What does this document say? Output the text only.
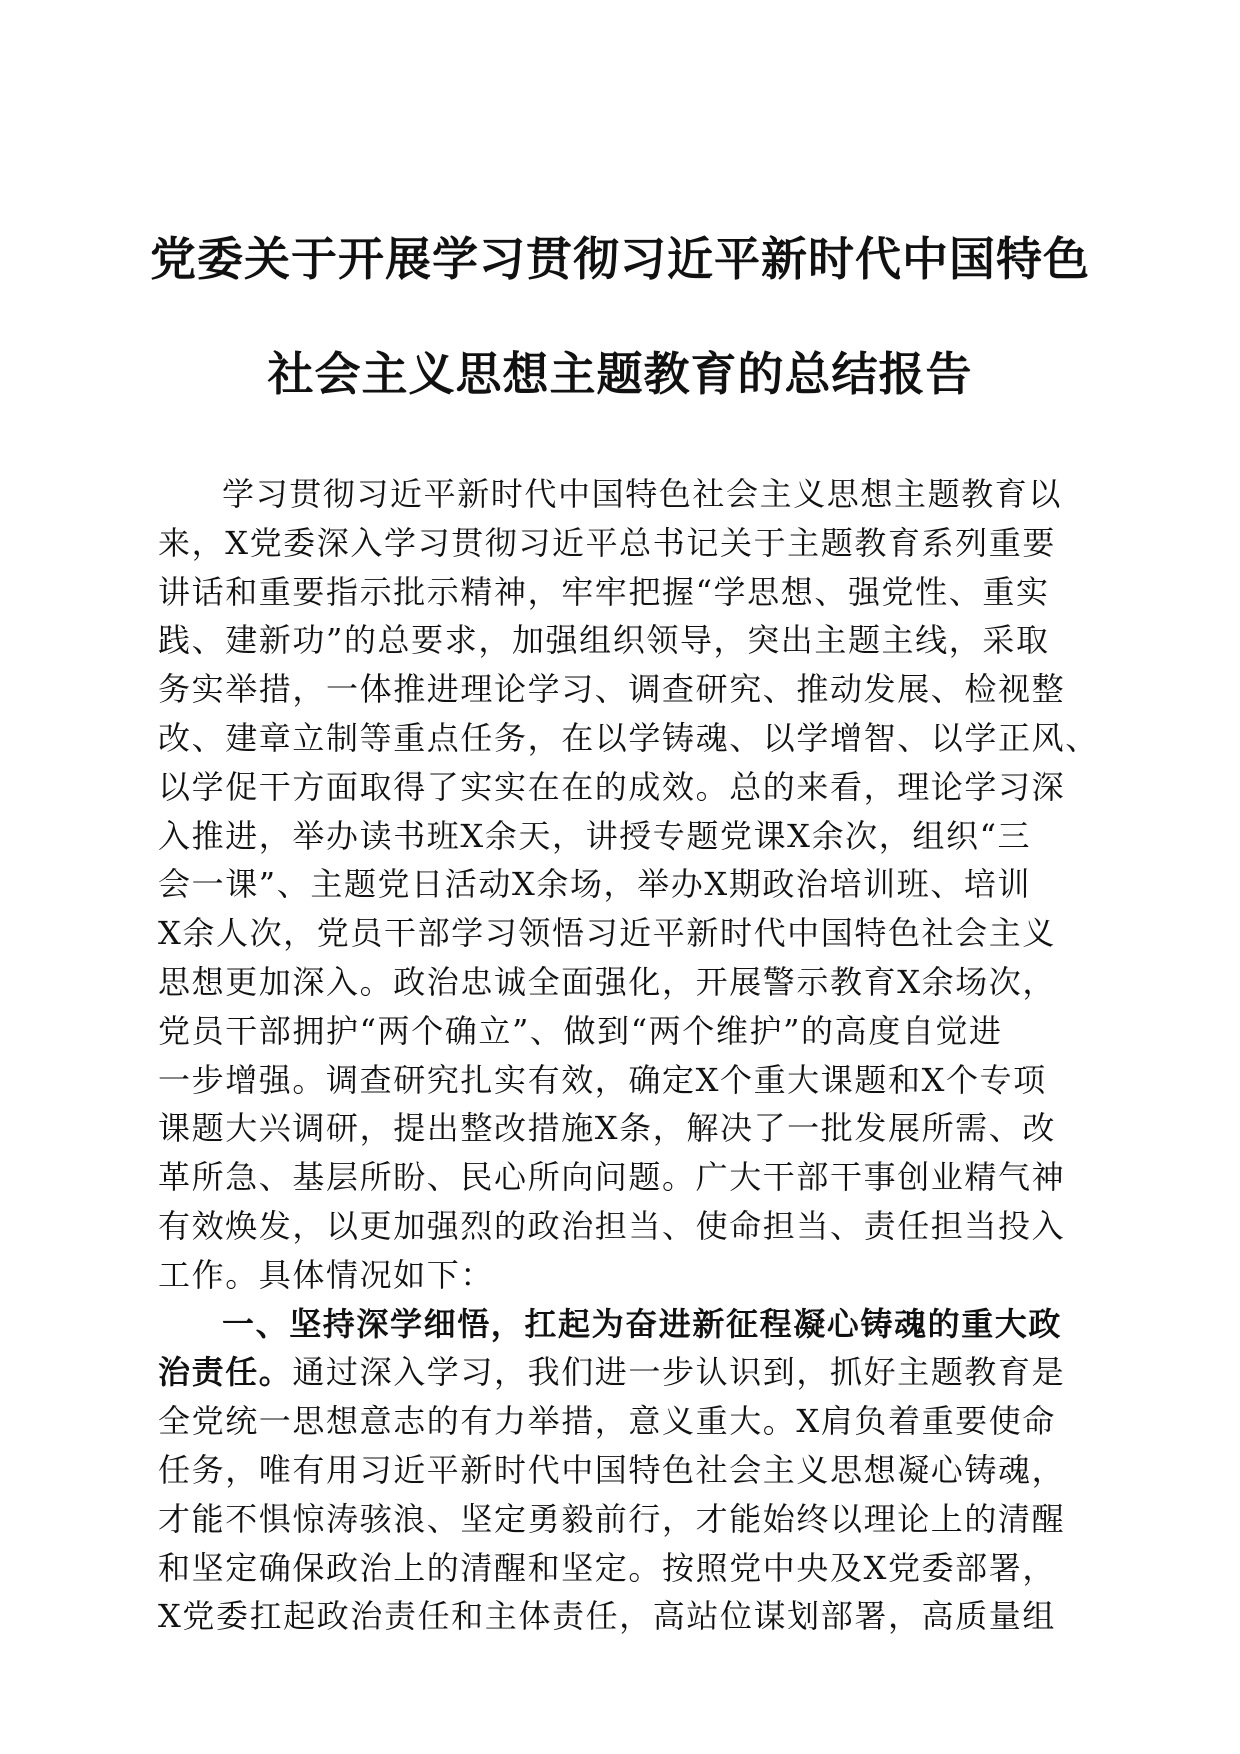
党委关于开展学习贯彻习近平新时代中国特色
社会主义思想主题教育的总结报告
学习贯彻习近平新时代中国特色社会主义思想主题教育以
来，X党委深入学习贯彻习近平总书记关于主题教育系列重要
讲话和重要指示批示精神，牢牢把握“学思想、强党性、重实
践、建新功”的总要求，加强组织领导，突出主题主线，采取
务实举措，一体推进理论学习、调查研究、推动发展、检视整
改、建章立制等重点任务，在以学铸魂、以学增智、以学正风、
以学促干方面取得了实实在在的成效。总的来看，理论学习深
入推进，举办读书班X余天，讲授专题党课X余次，组织“三
会一课”、主题党日活动X余场，举办X期政治培训班、培训
X余人次，党员干部学习领悟习近平新时代中国特色社会主义
思想更加深入。政治忠诚全面强化，开展警示教育X余场次，
党员干部拥护“两个确立”、做到“两个维护”的高度自觉进
一步增强。调查研究扎实有效，确定X个重大课题和X个专项
课题大兴调研，提出整改措施X条，解决了一批发展所需、改
革所急、基层所盼、民心所向问题。广大干部干事创业精气神
有效焕发，以更加强烈的政治担当、使命担当、责任担当投入
工作。具体情况如下：
一、坚持深学细悟，扛起为奋进新征程凝心铸魂的重大政
治责任。通过深入学习，我们进一步认识到，抓好主题教育是
全党统一思想意志的有力举措，意义重大。X肩负着重要使命
任务，唯有用习近平新时代中国特色社会主义思想凝心铸魂，
才能不惧惊涛骇浪、坚定勇毅前行，才能始终以理论上的清醒
和坚定确保政治上的清醒和坚定。按照党中央及X党委部署，
X党委扛起政治责任和主体责任，高站位谋划部署，高质量组
